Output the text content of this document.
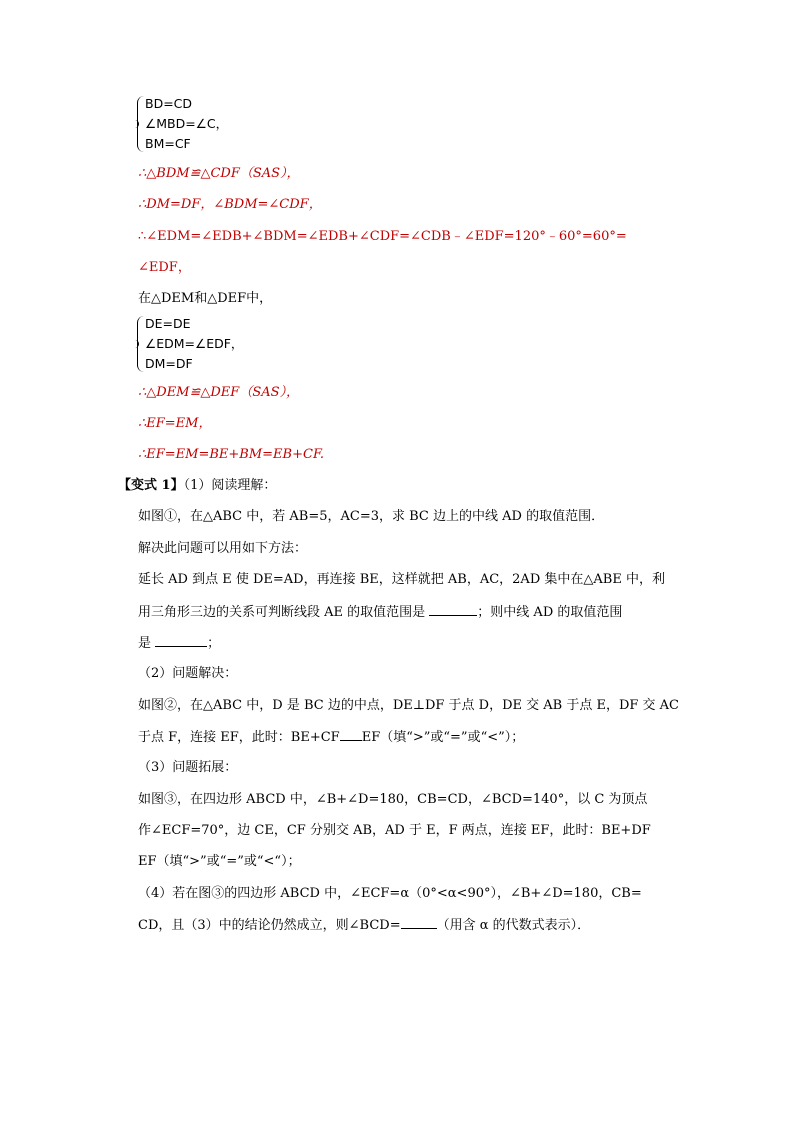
BD=CD
∠MBD=∠C，
BM=CF
∴△BDM≌△CDF（SAS），
∴DM=DF，∠BDM=∠CDF，
∴∠EDM=∠EDB+∠BDM=∠EDB+∠CDF=∠CDB﹣∠EDF=120°﹣60°=60°=
∠EDF，
在△DEM和△DEF中，
DE=DE
∠EDM=∠EDF，
DM=DF
∴△DEM≌△DEF（SAS），
∴EF=EM，
∴EF=EM=BE+BM=EB+CF.
【变式 1】（1）阅读理解：
如图①，在△ABC 中，若 AB=5，AC=3，求 BC 边上的中线 AD 的取值范围．
解决此问题可以用如下方法：
延长 AD 到点 E 使 DE=AD，再连接 BE，这样就把 AB，AC，2AD 集中在△ABE 中，利
用三角形三边的关系可判断线段 AE 的取值范围是	；则中线 AD 的取值范围
是	；
（2）问题解决：
如图②，在△ABC 中，D 是 BC 边的中点，DE⊥DF 于点 D，DE 交 AB 于点 E，DF 交 AC
于点 F，连接 EF，此时：BE+CF EF（填“>”或“=”或“<”）；
（3）问题拓展：
如图③，在四边形 ABCD 中，∠B+∠D=180，CB=CD，∠BCD=140°，以 C 为顶点
作∠ECF=70°，边 CE，CF 分别交 AB，AD 于 E，F 两点，连接 EF，此时：BE+DF
EF（填“>”或“=”或“<“）；
（4）若在图③的四边形 ABCD 中，∠ECF=α（0°<α<90°），∠B+∠D=180，CB=
CD，且（3）中的结论仍然成立，则∠BCD=	（用含 α 的代数式表示）．
